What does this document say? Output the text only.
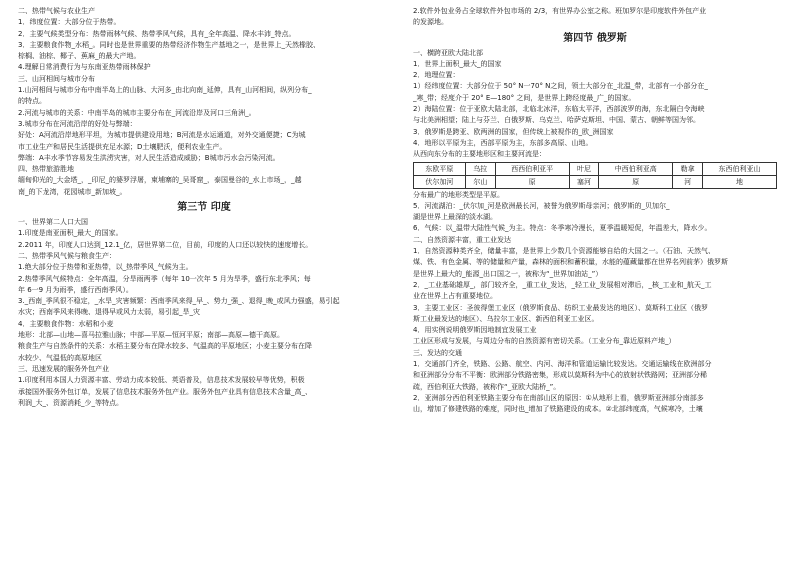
二、热带气候与农业生产

1．纬度位置：大部分位于热带。

2．主要气候类型分布：热带雨林气候、热带季风气候，具有_全年高温、降水丰沛_特点。

3．主要粮食作物_水稻_。同时也是世界重要的热带经济作物生产基地之一，是世界上_天然橡胶、

棕榈、油棕、椰子、蕉麻_的最大产地。

4.理解日常消费行为与东南亚热带雨林保护

三、山河相间与城市分布

1.山河相间与城市分布中南半岛上的山脉、大河多_由北向南_延伸，具有_山河相间，纵列分布_

的特点。

2.河流与城市的关系：中南半岛的城市主要分布在_河流沿岸及河口三角洲_。

3.城市分布在河流沿岸的好处与弊端：

好处：A河流沿岸地形平坦，为城市提供建设用地；B河流是水运通道，对外交通便捷；C为城

市工业生产和居民生活提供充足水源；D土壤肥沃，便利农业生产。

弊端：A丰水季节容易发生洪涝灾害，对人民生活造成威胁；B城市污水会污染河流。

四、热带旅游胜地

缅甸仰光的_大金塔_，_印尼_的婆罗浮屠，柬埔寨的_吴哥窟_，泰国曼谷的_水上市场_，_越

南_的下龙湾，花园城市_新加坡_。

第三节 印度

一、世界第二人口大国

1.印度是南亚面积_最大_的国家。

2.2011 年，印度人口达到_12.1_亿，居世界第二位，目前，印度的人口还以较快的速度增长。

二、热带季风气候与粮食生产：

1.绝大部分位于热带和亚热带，以_热带季风_气候为主。

2.热带季风气候特点：全年高温，分旱雨两季（每年 10一次年 5 月为旱季，盛行东北季风；每

年 6一9 月为雨季，盛行西南季风）。

3._西南_季风很不稳定，_水旱_灾害频繁：西南季风来得_早_、势力_强_、退得_晚_或风力强盛，易引起

水灾；西南季风来得晚、退得早或风力太弱，易引起_旱_灾

4．主要粮食作物：水稻和小麦

地形：北部—山地—喜马拉雅山脉；中部—平原—恒河平原；南部—高原—德干高原。

粮食生产与自然条件的关系：水稻主要分布在降水较多、气温高的平原地区；小麦主要分布在降

水较少、气温低的高原地区

三、迅速发展的服务外包产业

1.印度利用本国人力资源丰富、劳动力成本较低、英语普及，信息技术发展较早等优势，积极

承接国外服务外包订单，发展了信息技术服务外包产业。服务外包产业具有信息技术含量_高_、

利润_大_、资源消耗_少_等特点。

2.软件外包业务占全球软件外包市场的 2/3，有世界办公室之称。班加罗尔是印度软件外包产业

的发源地。

第四节 俄罗斯

一、横跨亚欧大陆北部

1．世界上面积_最大_的国家

2．地理位置：

1）经纬度位置：大部分位于 50° N一70° N之间，领土大部分在_北温_带，北部有一小部分在_

_寒_带；经度介于 20° E—180° 之间，是世界上跨经度最_广_的国家。

2）海陆位置：位于亚欧大陆北部，北临北冰洋，东临太平洋，西部波罗的海，东北隔白令海峡

与北美洲相望；陆上与芬兰、白俄罗斯、乌克兰、哈萨克斯坦、中国、蒙古、朝鲜等国为邻。

3．俄罗斯是跨亚、欧两洲的国家，但传统上被视作的_欧_洲国家

4．地形以平原为主，西部平原为主，东部多高原、山地。

从西向东分布的主要地形区和主要河流是：

东欧平原	乌拉	西西伯利亚平	叶尼	中西伯利亚高	勒拿	东西伯利亚山
伏尔加河	尔山	原	塞河	原	河	地

分布最广的地形类型是平原。

5．河流湖泊：_伏尔加_河是欧洲最长河，被誉为俄罗斯母亲河；俄罗斯的_贝加尔_

湖是世界上最深的淡水湖。

6．气候：以_温带大陆性气候_为主。特点：冬季寒冷漫长，夏季温暖短促，年温差大，降水少。

二、自然资源丰富，重工业发达

1．自然资源种类齐全，储量丰富，是世界上少数几个资源能够自给的大国之一。（石油、天然气、

煤、铁、有色金属、等的储量和产量，森林的面积和蓄积量，水能的蕴藏量都在世界名列前茅）俄罗斯

是世界上最大的_能源_出口国之一，被称为“_世界加油站_”）

2．_工业基础雄厚_，部门较齐全，_重工业_发达，_轻工业_发展相对滞后，_核_工业和_航天_工

业在世界上占有重要地位。

3．主要工业区：圣彼得堡工业区（俄罗斯食品、纺织工业最发达的地区）、莫斯科工业区（俄罗

斯工业最发达的地区）、乌拉尔工业区、新西伯利亚工业区。

4．用实例说明俄罗斯因地制宜发展工业

工业区形成与发展，与周边分布的自然资源有密切关系。（工业分布_靠近原料产地_）

三、发达的交通

1．交通部门齐全，铁路、公路、航空、内河、海洋和管道运输比较发达。交通运输线在欧洲部分

和亚洲部分分布不平衡：欧洲部分铁路密集，形成以莫斯科为中心的放射状铁路网；亚洲部分稀

疏，西伯利亚大铁路，被称作“_亚欧大陆桥_”。

2．亚洲部分西伯利亚铁路主要分布在南部山区的原因：①从地形上看，俄罗斯亚洲部分南部多

山，增加了修建铁路的难度，同时也_增加了铁路建设的成本。②北部纬度高，气候寒冷，土壤
